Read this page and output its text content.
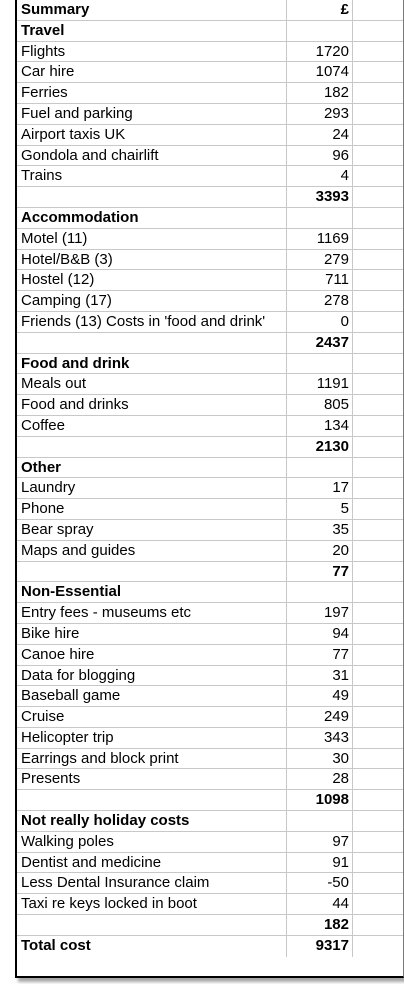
Summary	£
Travel
Flights	1720
Car hire	1074
Ferries	182
Fuel and parking	293
Airport taxis UK	24
Gondola and chairlift	96
Trains	4
3393
Accommodation
Motel (11)	1169
Hotel/B&B (3)	279
Hostel (12)	711
Camping (17)	278
Friends (13) Costs in 'food and drink'	0
2437
Food and drink
Meals out	1191
Food and drinks	805
Coffee	134
2130
Other
Laundry	17
Phone	5
Bear spray	35
Maps and guides	20
77
Non-Essential
Entry fees - museums etc	197
Bike hire	94
Canoe hire	77
Data for blogging	31
Baseball game	49
Cruise	249
Helicopter trip	343
Earrings and block print	30
Presents	28
1098
Not really holiday costs
Walking poles	97
Dentist and medicine	91
Less Dental Insurance claim	-50
Taxi re keys locked in boot	44
182
Total cost	9317
